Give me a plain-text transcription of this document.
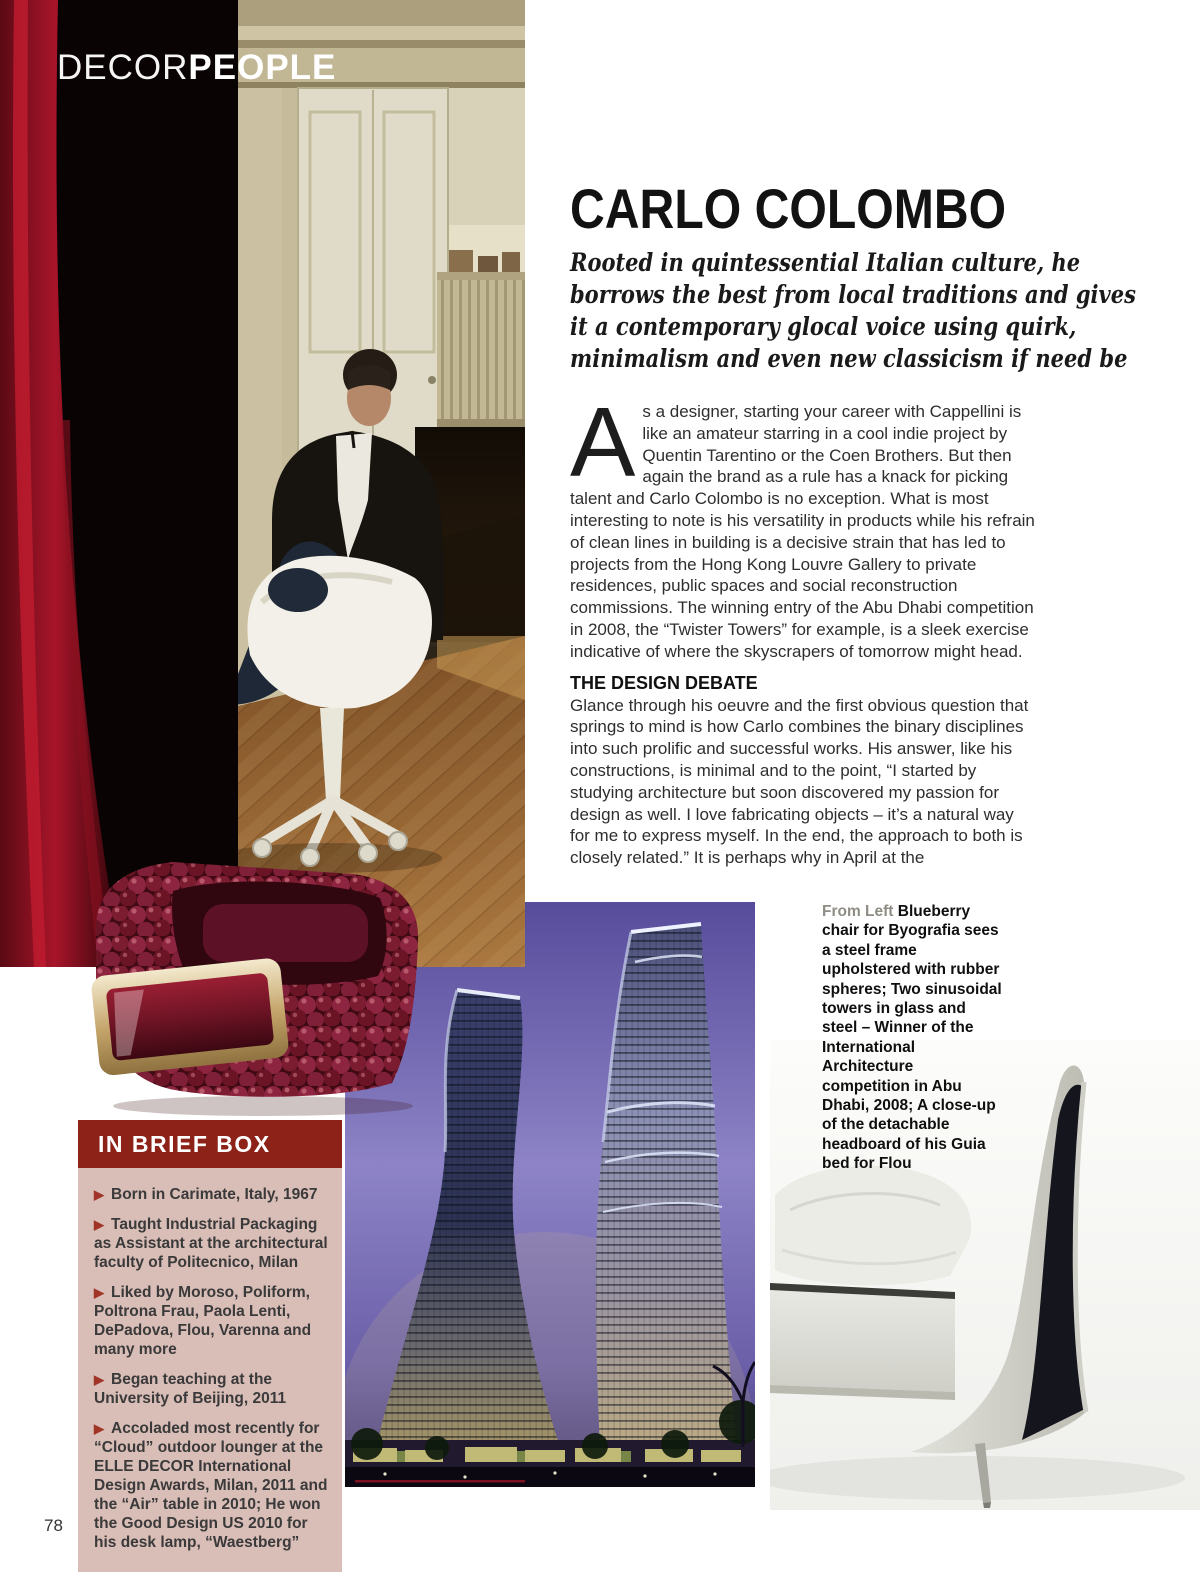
DECORPEOPLE
CARLO COLOMBO
Rooted in quintessential Italian culture, he
borrows the best from local traditions and gives
it a contemporary glocal voice using quirk,
minimalism and even new classicism if need be

As a designer, starting your career with Cappellini is like an amateur starring in a cool indie project by Quentin Tarentino or the Coen Brothers. But then again the brand as a rule has a knack for picking talent and Carlo Colombo is no exception. What is most interesting to note is his versatility in products while his refrain of clean lines in building is a decisive strain that has led to projects from the Hong Kong Louvre Gallery to private residences, public spaces and social reconstruction commissions. The winning entry of the Abu Dhabi competition in 2008, the “Twister Towers” for example, is a sleek exercise indicative of where the skyscrapers of tomorrow might head.

THE DESIGN DEBATE

Glance through his oeuvre and the first obvious question that springs to mind is how Carlo combines the binary disciplines into such prolific and successful works. His answer, like his constructions, is minimal and to the point, “I started by studying architecture but soon discovered my passion for design as well. I love fabricating objects – it’s a natural way for me to express myself. In the end, the approach to both is closely related.” It is perhaps why in April at the

From Left Blueberry chair for Byografia sees a steel frame upholstered with rubber spheres; Two sinusoidal towers in glass and steel – Winner of the International Architecture competition in Abu Dhabi, 2008; A close-up of the detachable headboard of his Guia bed for Flou
IN BRIEF BOX
▶ Born in Carimate, Italy, 1967
▶ Taught Industrial Packaging as Assistant at the architectural faculty of Politecnico, Milan
▶ Liked by Moroso, Poliform, Poltrona Frau, Paola Lenti, DePadova, Flou, Varenna and many more
▶ Began teaching at the University of Beijing, 2011
▶ Accoladed most recently for “Cloud” outdoor lounger at the ELLE DECOR International Design Awards, Milan, 2011 and the “Air” table in 2010; He won the Good Design US 2010 for his desk lamp, “Waestberg”
78
